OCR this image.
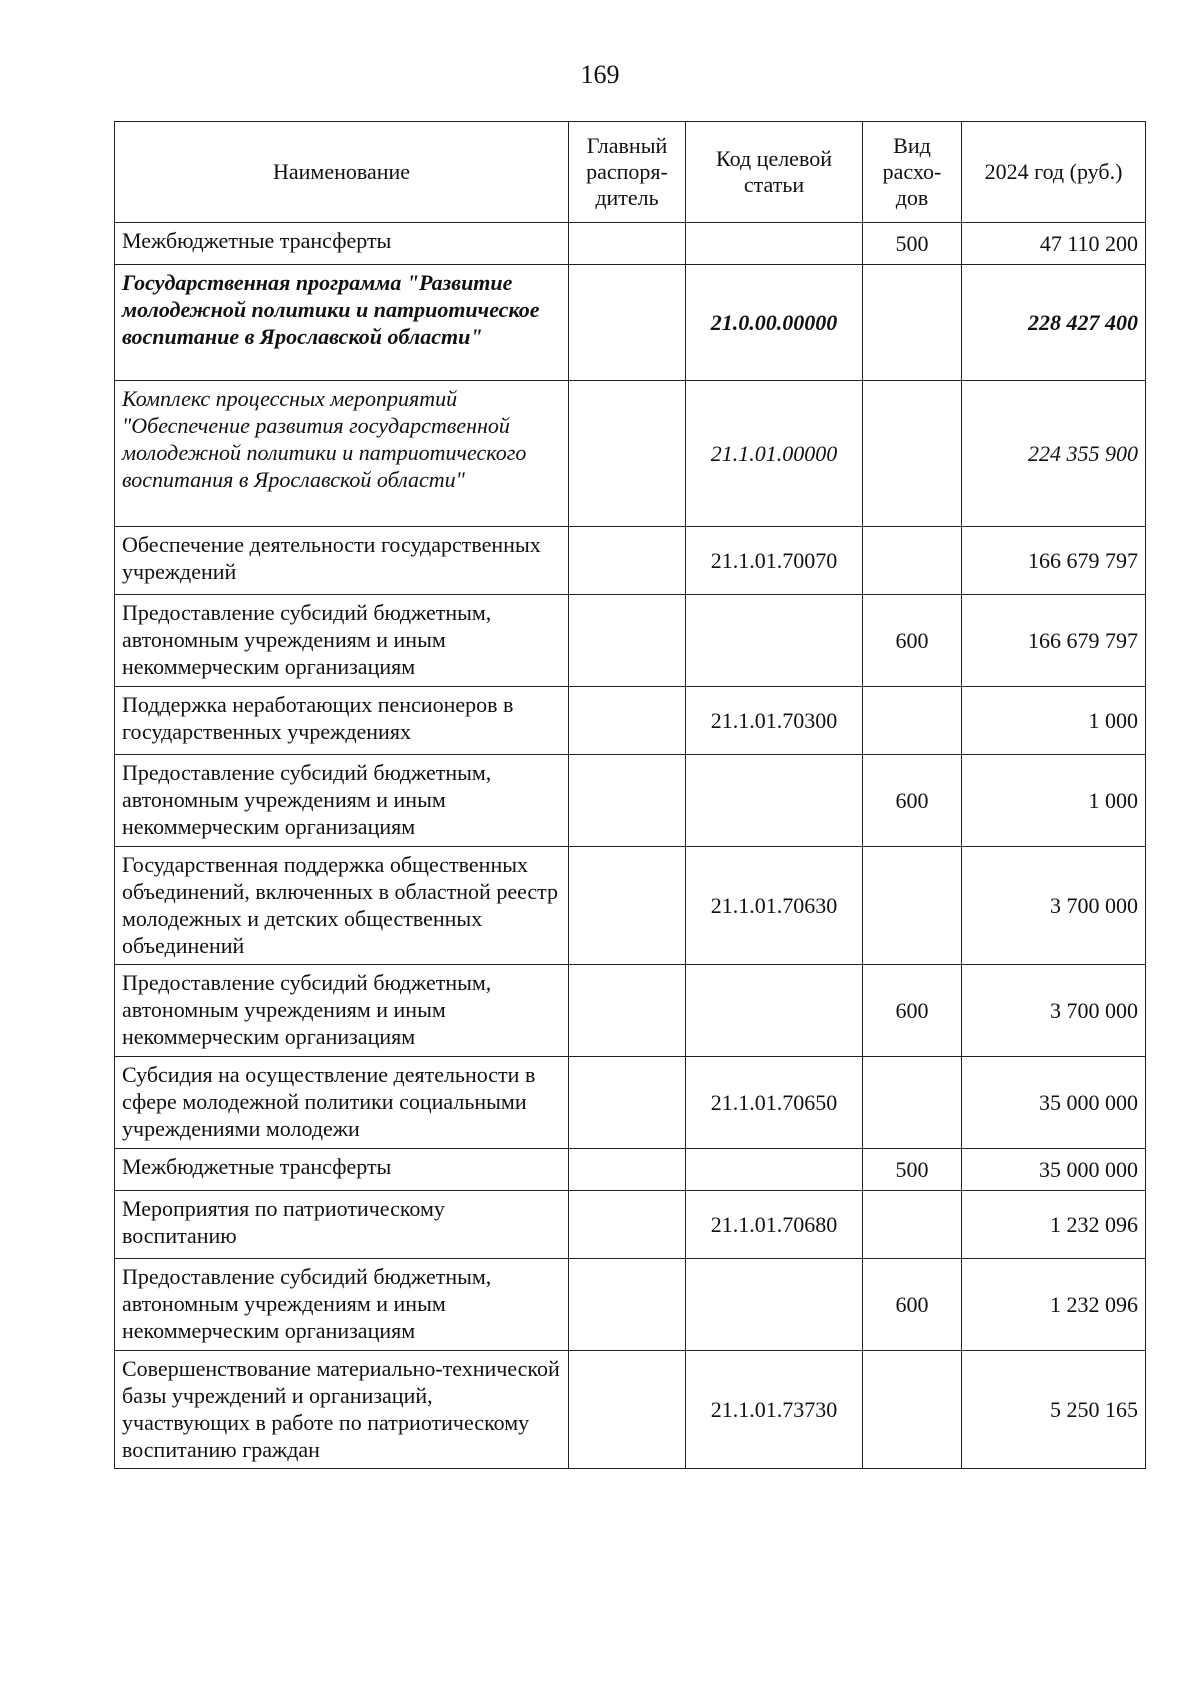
169
Наименование	Главный распоря-дитель	Код целевой статьи	Вид расхо-дов	2024 год (руб.)
Межбюджетные трансферты			500	47 110 200
Государственная программа "Развитие молодежной политики и патриотическое воспитание в Ярославской области"		21.0.00.00000		228 427 400
Комплекс процессных мероприятий "Обеспечение развития государственной молодежной политики и патриотического воспитания в Ярославской области"		21.1.01.00000		224 355 900
Обеспечение деятельности государственных учреждений		21.1.01.70070		166 679 797
Предоставление субсидий бюджетным, автономным учреждениям и иным некоммерческим организациям			600	166 679 797
Поддержка неработающих пенсионеров в государственных учреждениях		21.1.01.70300		1 000
Предоставление субсидий бюджетным, автономным учреждениям и иным некоммерческим организациям			600	1 000
Государственная поддержка общественных объединений, включенных в областной реестр молодежных и детских общественных объединений		21.1.01.70630		3 700 000
Предоставление субсидий бюджетным, автономным учреждениям и иным некоммерческим организациям			600	3 700 000
Субсидия на осуществление деятельности в сфере молодежной политики социальными учреждениями молодежи		21.1.01.70650		35 000 000
Межбюджетные трансферты			500	35 000 000
Мероприятия по патриотическому воспитанию		21.1.01.70680		1 232 096
Предоставление субсидий бюджетным, автономным учреждениям и иным некоммерческим организациям			600	1 232 096
Совершенствование материально-технической базы учреждений и организаций, участвующих в работе по патриотическому воспитанию граждан		21.1.01.73730		5 250 165
